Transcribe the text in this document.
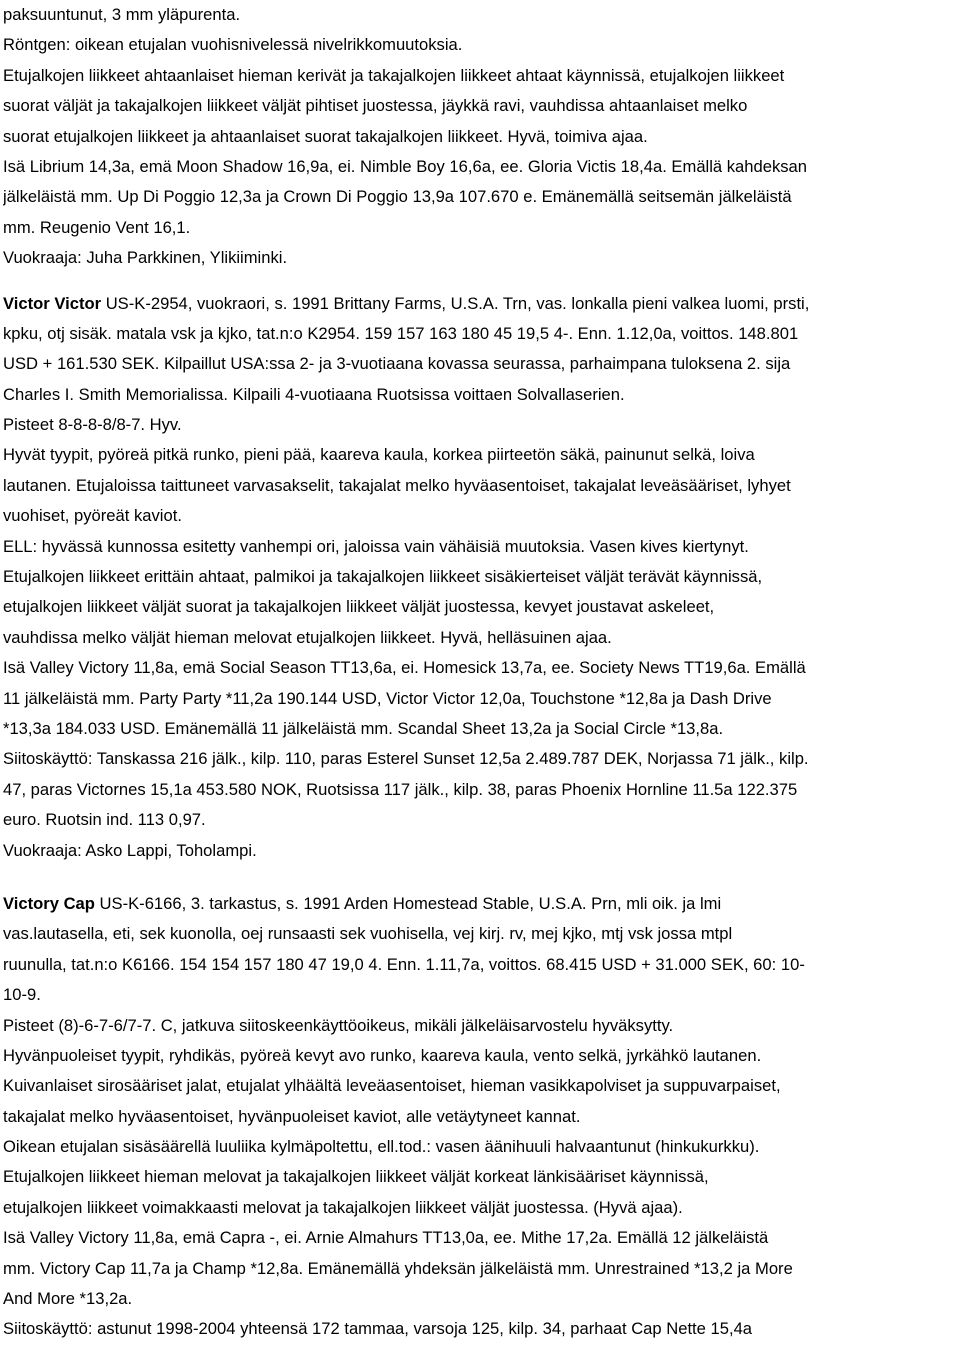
paksuuntunut, 3 mm yläpurenta.
Röntgen: oikean etujalan vuohisnivelessä nivelrikkomuutoksia.
Etujalkojen liikkeet ahtaanlaiset hieman kerivät ja takajalkojen liikkeet ahtaat käynnissä, etujalkojen liikkeet
suorat väljät ja takajalkojen liikkeet väljät pihtiset juostessa, jäykkä ravi, vauhdissa ahtaanlaiset melko
suorat etujalkojen liikkeet ja ahtaanlaiset suorat takajalkojen liikkeet. Hyvä, toimiva ajaa.
Isä Librium 14,3a, emä Moon Shadow 16,9a, ei. Nimble Boy 16,6a, ee. Gloria Victis 18,4a. Emällä kahdeksan
jälkeläistä mm. Up Di Poggio 12,3a ja Crown Di Poggio 13,9a 107.670 e. Emänemällä seitsemän jälkeläistä
mm. Reugenio Vent 16,1.
Vuokraaja: Juha Parkkinen, Ylikiiminki.
Victor Victor US-K-2954, vuokraori, s. 1991 Brittany Farms, U.S.A. Trn, vas. lonkalla pieni valkea luomi, prsti,
kpku, otj sisäk. matala vsk ja kjko, tat.n:o K2954. 159 157 163 180 45 19,5 4-. Enn. 1.12,0a, voittos. 148.801
USD + 161.530 SEK. Kilpaillut USA:ssa 2- ja 3-vuotiaana kovassa seurassa, parhaimpana tuloksena 2. sija
Charles I. Smith Memorialissa. Kilpaili 4-vuotiaana Ruotsissa voittaen Solvallaserien.
Pisteet 8-8-8-8/8-7. Hyv.
Hyvät tyypit, pyöreä pitkä runko, pieni pää, kaareva kaula, korkea piirteetön säkä, painunut selkä, loiva
lautanen. Etujaloissa taittuneet varvasakselit, takajalat melko hyväasentoiset, takajalat leveäsääriset, lyhyet
vuohiset, pyöreät kaviot.
ELL: hyvässä kunnossa esitetty vanhempi ori, jaloissa vain vähäisiä muutoksia. Vasen kives kiertynyt.
Etujalkojen liikkeet erittäin ahtaat, palmikoi ja takajalkojen liikkeet sisäkierteiset väljät terävät käynnissä,
etujalkojen liikkeet väljät suorat ja takajalkojen liikkeet väljät juostessa, kevyet joustavat askeleet,
vauhdissa melko väljät hieman melovat etujalkojen liikkeet. Hyvä, helläsuinen ajaa.
Isä Valley Victory 11,8a, emä Social Season TT13,6a, ei. Homesick 13,7a, ee. Society News TT19,6a. Emällä
11 jälkeläistä mm. Party Party *11,2a 190.144 USD, Victor Victor 12,0a, Touchstone *12,8a ja Dash Drive
*13,3a 184.033 USD. Emänemällä 11 jälkeläistä mm. Scandal Sheet 13,2a ja Social Circle *13,8a.
Siitoskäyttö: Tanskassa 216 jälk., kilp. 110, paras Esterel Sunset 12,5a 2.489.787 DEK, Norjassa 71 jälk., kilp.
47, paras Victornes 15,1a 453.580 NOK, Ruotsissa 117 jälk., kilp. 38, paras Phoenix Hornline 11.5a 122.375
euro. Ruotsin ind. 113 0,97.
Vuokraaja: Asko Lappi, Toholampi.
Victory Cap US-K-6166, 3. tarkastus, s. 1991 Arden Homestead Stable, U.S.A. Prn, mli oik. ja lmi
vas.lautasella, eti, sek kuonolla, oej runsaasti sek vuohisella, vej kirj. rv, mej kjko, mtj vsk jossa mtpl
ruunulla, tat.n:o K6166. 154 154 157 180 47 19,0 4. Enn. 1.11,7a, voittos. 68.415 USD + 31.000 SEK, 60: 10-
10-9.
Pisteet (8)-6-7-6/7-7. C, jatkuva siitoskeenkäyttöoikeus, mikäli jälkeläisarvostelu hyväksytty.
Hyvänpuoleiset tyypit, ryhdikäs, pyöreä kevyt avo runko, kaareva kaula, vento selkä, jyrkähkö lautanen.
Kuivanlaiset sirosääriset jalat, etujalat ylhäältä leveäasentoiset, hieman vasikkapolviset ja suppuvarpaiset,
takajalat melko hyväasentoiset, hyvänpuoleiset kaviot, alle vetäytyneet kannat.
Oikean etujalan sisäsäärellä luuliika kylmäpoltettu, ell.tod.: vasen äänihuuli halvaantunut (hinkukurkku).
Etujalkojen liikkeet hieman melovat ja takajalkojen liikkeet väljät korkeat länkisääriset käynnissä,
etujalkojen liikkeet voimakkaasti melovat ja takajalkojen liikkeet väljät juostessa. (Hyvä ajaa).
Isä Valley Victory 11,8a, emä Capra -, ei. Arnie Almahurs TT13,0a, ee. Mithe 17,2a. Emällä 12 jälkeläistä
mm. Victory Cap 11,7a ja Champ *12,8a. Emänemällä yhdeksän jälkeläistä mm. Unrestrained *13,2 ja More
And More *13,2a.
Siitoskäyttö: astunut 1998-2004 yhteensä 172 tammaa, varsoja 125, kilp. 34, parhaat Cap Nette 15,4a
